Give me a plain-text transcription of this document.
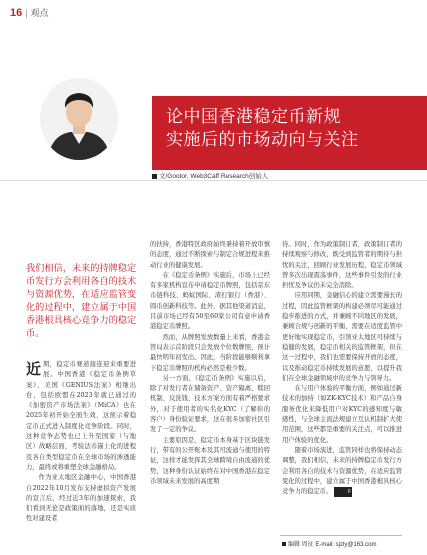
16 | 观点
论中国香港稳定币新规
实施后的市场动向与关注
文/Gootor, Web3Caff Research创始人
我们相信，未来的持牌稳定币发行方会利用各自的技术与资源优势，在适应监管变化的过程中，建立属于中国香港根具核心竞争力的稳定币。

近期，稳定币赛道接连迎来重要进展。中国香港《稳定币条例草案》、美国《GENIUS法案》相继出台，包括欧盟在2023年就已通过的《加密资产市场法案》（MiCA）也在2025年初开始全面生效，这预示着稳定币正式进入制度化竞争阶段。同时，这种竞争态势也已上升至国家（与地区）战略层面，考验法币锚上化的进程及各自类型稳定币在全球市场的渗透能力，最终或将重塑全球金融格局。

作为亚太地区金融中心，中国香港自2022年10月发布支持虚拟资产发展的宣言后，经过近3年的加速探索，我们看到无论是政策面的落地，还是实质性对建设者

的扶持，香港特区政府始终秉持着开放审慎的态度，通过不断探索与制定合规进程来推动行业的健康发展。

在《稳定币条例》实施后，市场上已经有多家机构宣布申请稳定币牌照，包括京东币链科技、蚂蚁国际、渣打银行（香港）、圆币创新科技等。此外，据其他渠道消息，目前市场已经有50至60家公司有意申请香港稳定币牌照。

然而，从牌照发放数量上来看，香港金管局表示首阶段只会发放个位数牌照，预计最快明年初发出。因此，当阶段能够顺利拿下稳定币牌照的机构必然是极少数。

另一方面，《稳定币条例》实施以后，除了对发行者在储备资产、资产隔离、赎回机制、反洗钱、技术方案方面有着严格要求外，对于使用者的实名化KYC（了解你的客户）身份验证要求，这在很多加密社区引发了一定的争议。

主要原因是，稳定币本身基于区块链发行，带有的公开账本及其可流通与使用的特征，这样才能发挥其全球跨境自由流通的优势，这种身份认证始终在对中国香港在稳定币领域未来发展的高度期

待。同时，作为政策制订者，政策制订者的持续观察与修改，既受到监管者的期待与担忧的关注，回顾行业发展历程，稳定币领域曾多次出现震荡事件，这些事件引发的行业担忧及争议仍未完全消除。

应用同期，金融信心的建立需要漫长的过程，因此监管框架的构建必须尽可能通过稳步推进的方式，并兼顾不同地区的发展，兼顾合规与创新的平衡，需要在适度监管中更好地实现稳定币，引领亚太地区可持续与稳健的发展，稳定币相关的监管框架，但在这一过程中，我们也需要保持开放的态度，以及推动稳定币持续发展的意愿，以提升我们在全球金融领域中的竞争力与领导力。

在与用户体验的平衡方面，例如通过新技术的加持（如ZK-KYC技术）和产品自身服务优化来降低用户对KYC的感知度与敏感性，与全球主流法规建立互认机制扩大使用范围，这些都是重要的关注点，可以推进用户体验的优化。

随着市场演进，监管同样也将保持动态调整，我们相信，未来的持牌稳定币发行方会利用各自的技术与资源优势，在适应监管变化的过程中，建立属于中国香港根具核心竞争力的稳定币。	F

编辑 周征 E-mail: sjzly@163.com
